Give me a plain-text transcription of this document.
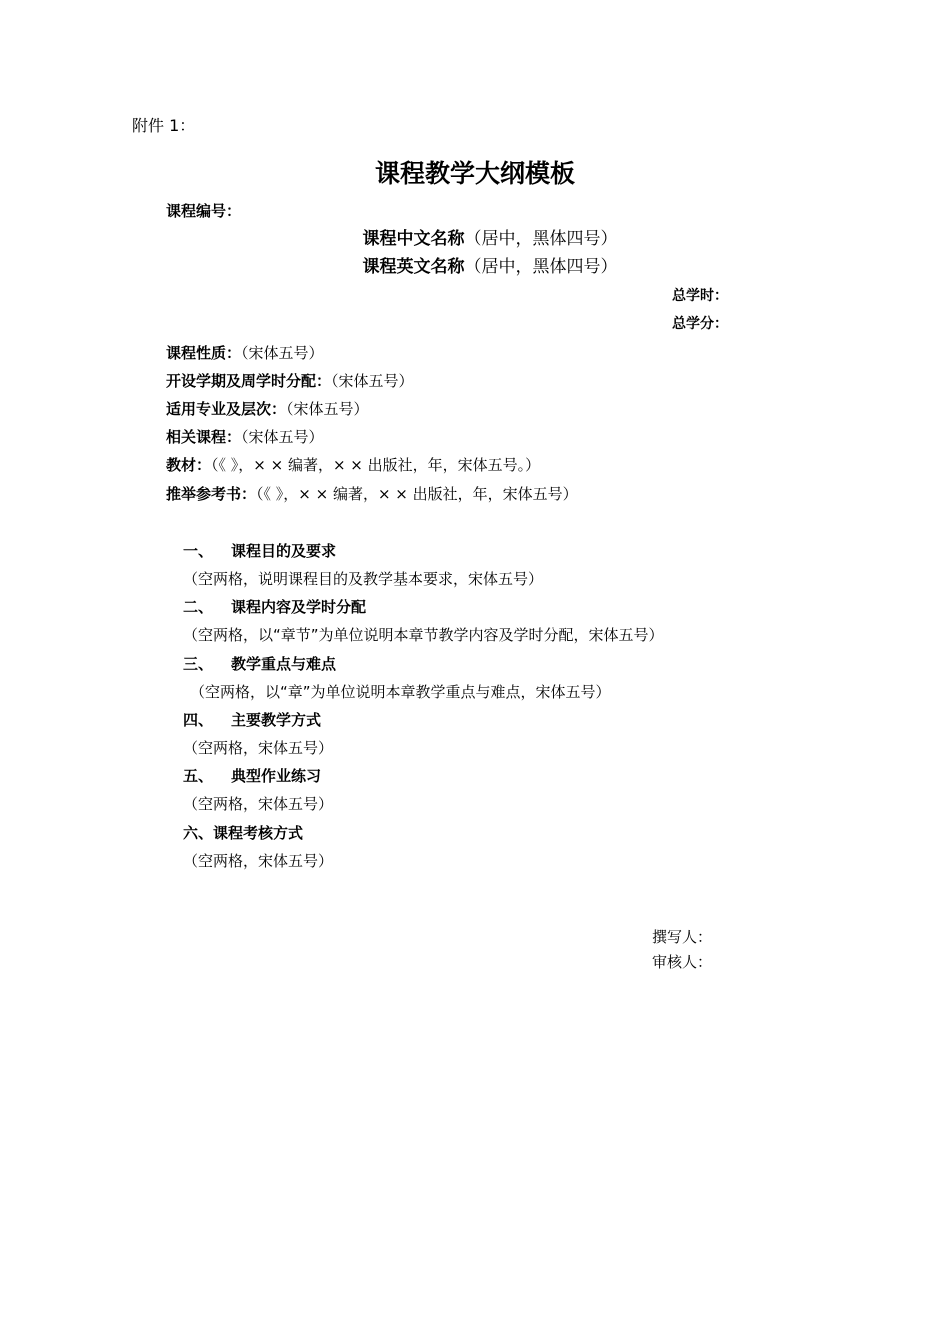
附件 1：
课程教学大纲模板
课程编号：
课程中文名称（居中，黑体四号）
课程英文名称（居中，黑体四号）
总学时：
总学分：
课程性质：（宋体五号）
开设学期及周学时分配：（宋体五号）
适用专业及层次：（宋体五号）
相关课程：（宋体五号）
教材：（《 》，× × 编著，× × 出版社，年，宋体五号。）
推举参考书：（《 》，× × 编著，× × 出版社，年，宋体五号）
一、 课程目的及要求
（空两格，说明课程目的及教学基本要求，宋体五号）
二、 课程内容及学时分配
（空两格，以“章节”为单位说明本章节教学内容及学时分配，宋体五号）
三、 教学重点与难点
（空两格，以“章”为单位说明本章教学重点与难点，宋体五号）
四、 主要教学方式
（空两格，宋体五号）
五、 典型作业练习
（空两格，宋体五号）
六、课程考核方式
（空两格，宋体五号）
撰写人：
审核人：
